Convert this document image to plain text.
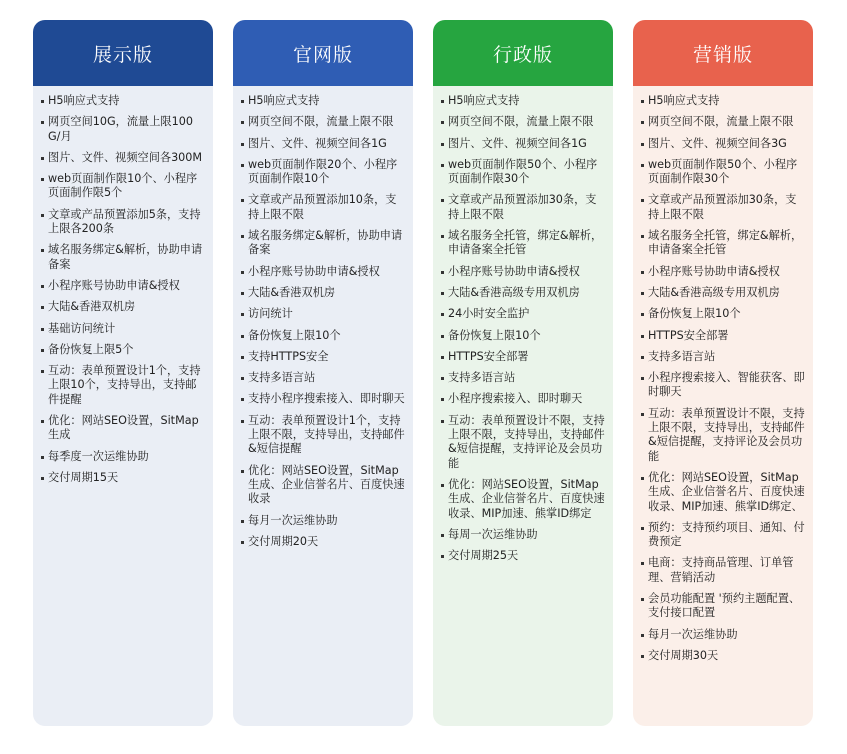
展示版
H5响应式支持
网页空间10G，流量上限100G/月
图片、文件、视频空间各300M
web页面制作限10个、小程序页面制作限5个
文章或产品预置添加5条，支持上限各200条
域名服务绑定&解析，协助申请备案
小程序账号协助申请&授权
大陆&香港双机房
基础访问统计
备份恢复上限5个
互动：表单预置设计1个，支持上限10个，支持导出，支持邮件提醒
优化：网站SEO设置，SitMap生成
每季度一次运维协助
交付周期15天
官网版
H5响应式支持
网页空间不限，流量上限不限
图片、文件、视频空间各1G
web页面制作限20个、小程序页面制作限10个
文章或产品预置添加10条，支持上限不限
域名服务绑定&解析，协助申请备案
小程序账号协助申请&授权
大陆&香港双机房
访问统计
备份恢复上限10个
支持HTTPS安全
支持多语言站
支持小程序搜索接入、即时聊天
互动：表单预置设计1个，支持上限不限，支持导出，支持邮件&短信提醒
优化：网站SEO设置，SitMap生成、企业信誉名片、百度快速收录
每月一次运维协助
交付周期20天
行政版
H5响应式支持
网页空间不限，流量上限不限
图片、文件、视频空间各1G
web页面制作限50个、小程序页面制作限30个
文章或产品预置添加30条，支持上限不限
域名服务全托管，绑定&解析，申请备案全托管
小程序账号协助申请&授权
大陆&香港高级专用双机房
24小时安全监护
备份恢复上限10个
HTTPS安全部署
支持多语言站
小程序搜索接入、即时聊天
互动：表单预置设计不限，支持上限不限，支持导出，支持邮件&短信提醒，支持评论及会员功能
优化：网站SEO设置，SitMap生成、企业信誉名片、百度快速收录、MIP加速、熊掌ID绑定
每周一次运维协助
交付周期25天
营销版
H5响应式支持
网页空间不限，流量上限不限
图片、文件、视频空间各3G
web页面制作限50个、小程序页面制作限30个
文章或产品预置添加30条，支持上限不限
域名服务全托管，绑定&解析，申请备案全托管
小程序账号协助申请&授权
大陆&香港高级专用双机房
备份恢复上限10个
HTTPS安全部署
支持多语言站
小程序搜索接入、智能获客、即时聊天
互动：表单预置设计不限，支持上限不限，支持导出，支持邮件&短信提醒，支持评论及会员功能
优化：网站SEO设置，SitMap生成、企业信誉名片、百度快速收录、MIP加速、熊掌ID绑定、
预约：支持预约项目、通知、付费预定
电商：支持商品管理、订单管理、营销活动
会员功能配置 '预约主题配置、支付接口配置
每月一次运维协助
交付周期30天
